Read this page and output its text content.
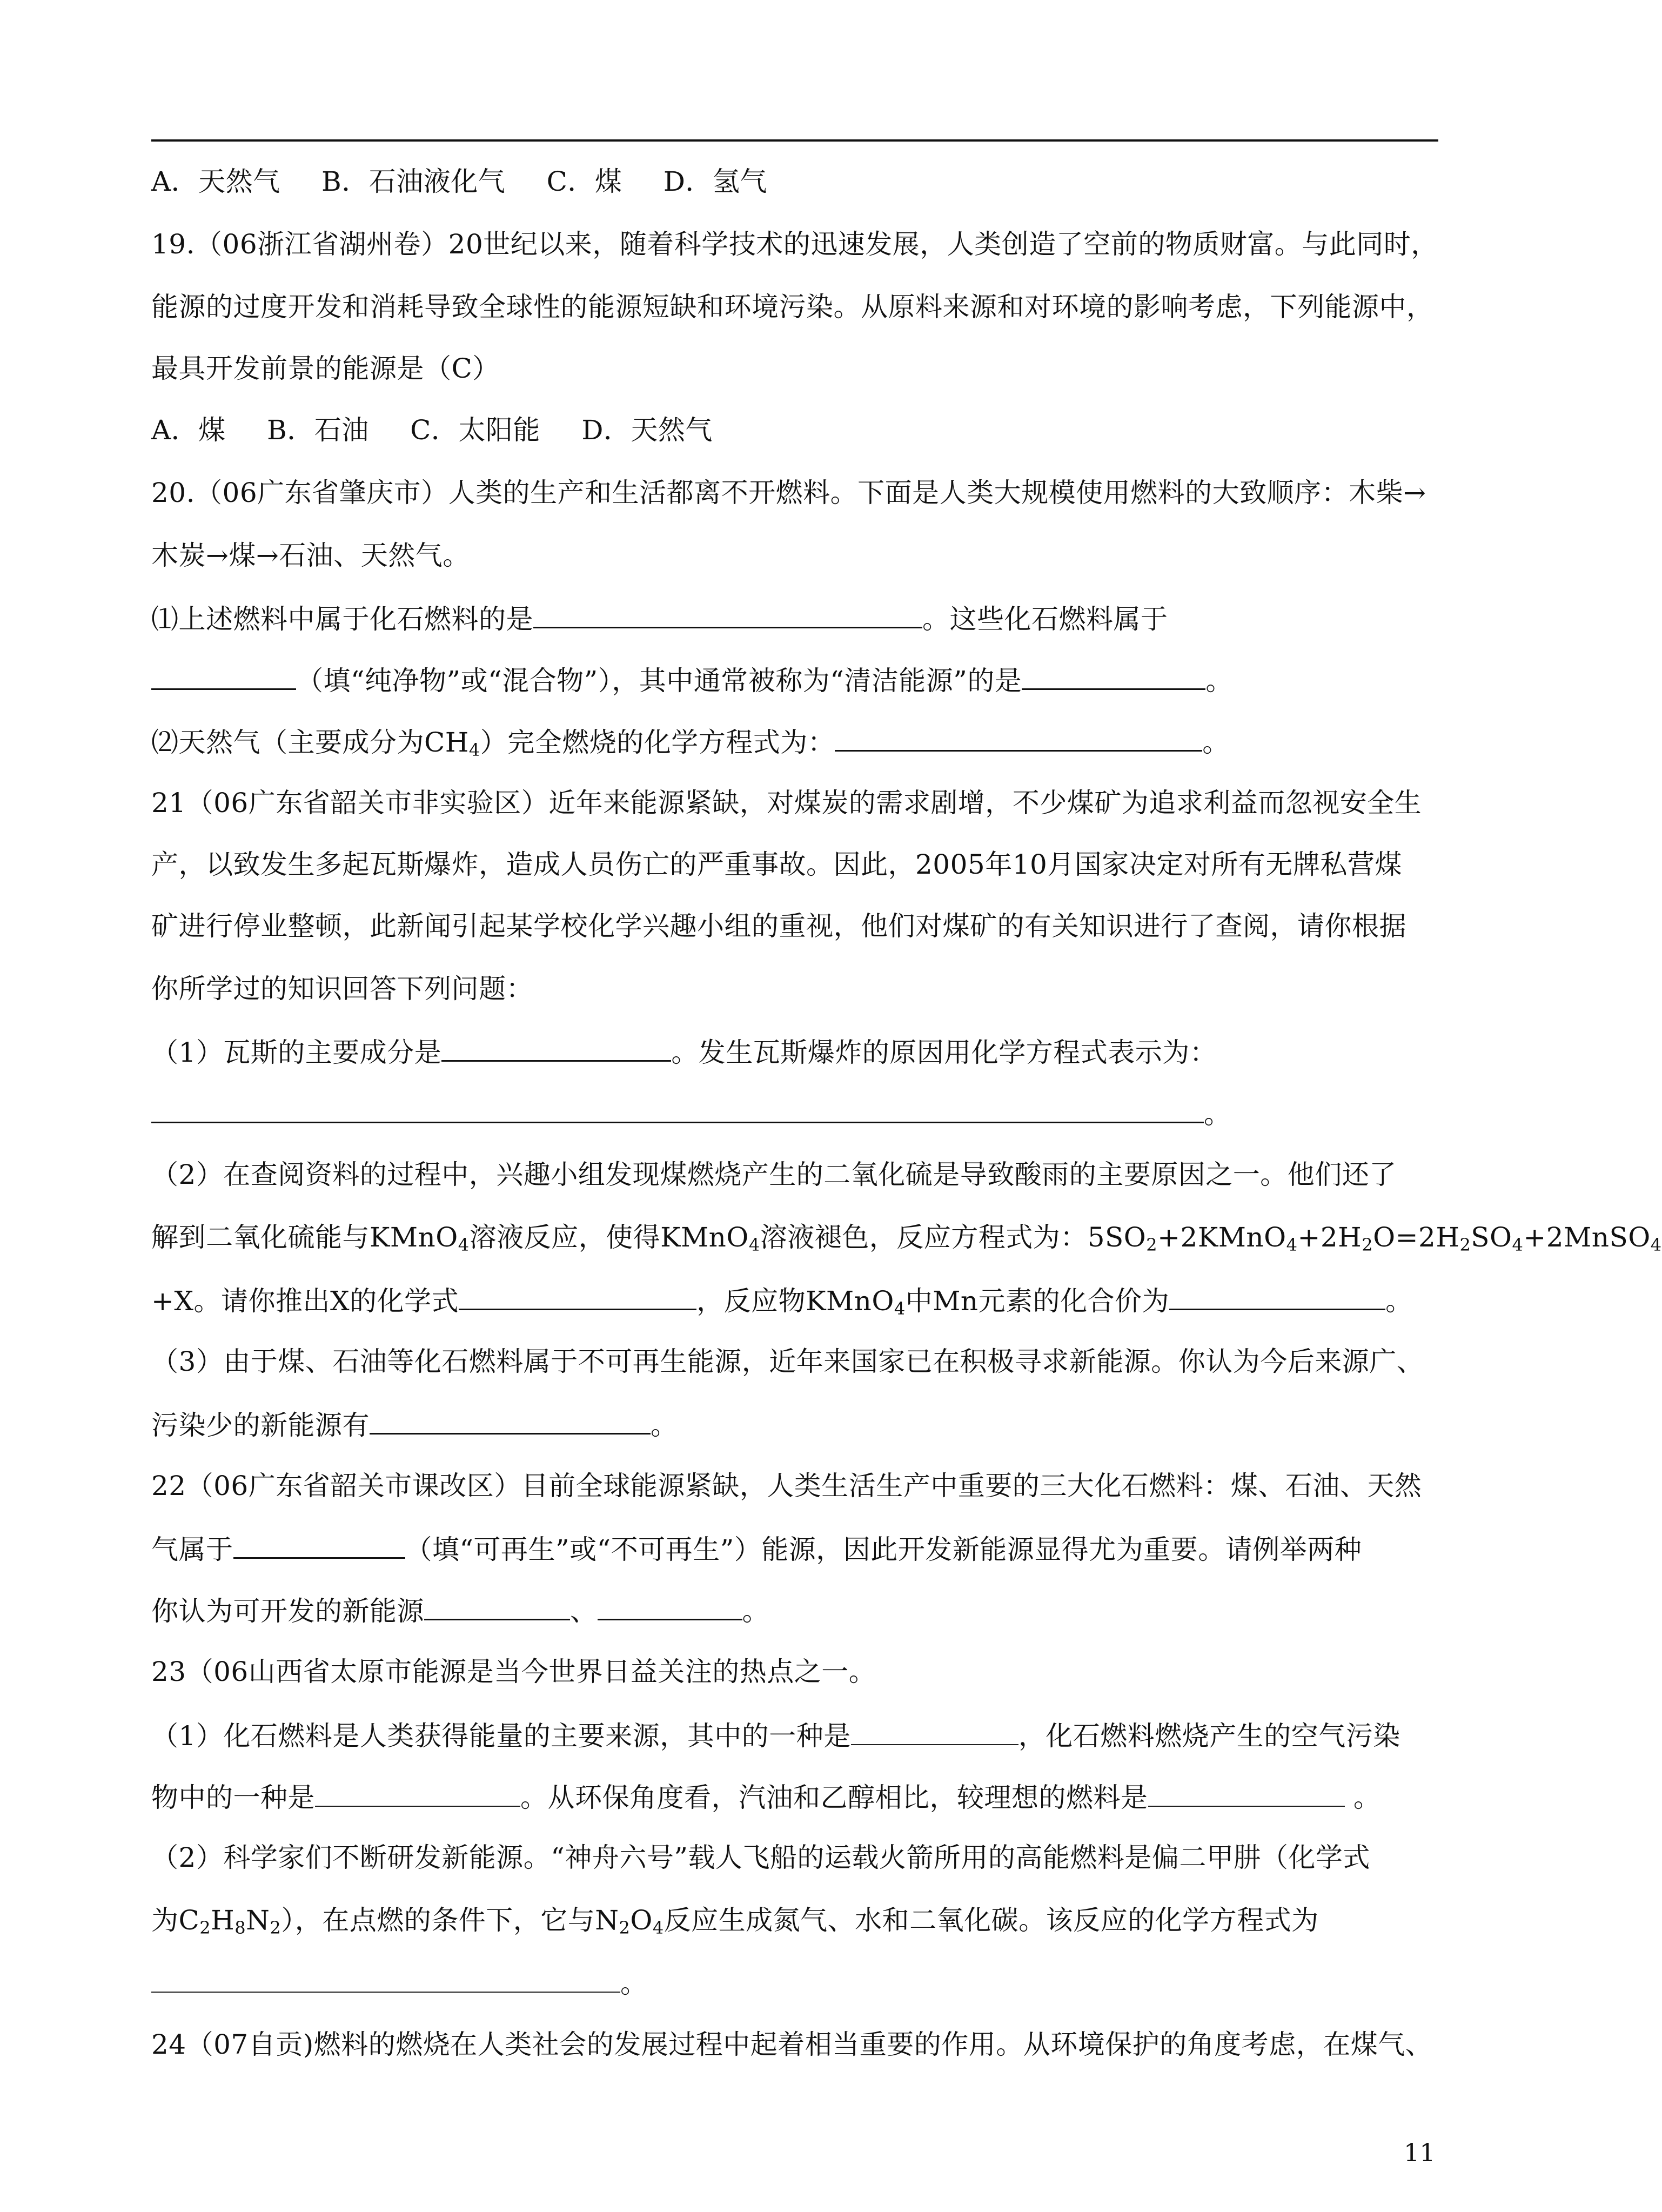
A．天然气 B．石油液化气 C．煤 D．氢气
19.（06浙江省湖州卷）20世纪以来，随着科学技术的迅速发展，人类创造了空前的物质财富。与此同时，
能源的过度开发和消耗导致全球性的能源短缺和环境污染。从原料来源和对环境的影响考虑，下列能源中，
最具开发前景的能源是（C）
A．煤 B．石油 C．太阳能 D．天然气
20.（06广东省肇庆市）人类的生产和生活都离不开燃料。下面是人类大规模使用燃料的大致顺序：木柴→
木炭→煤→石油、天然气。
⑴上述燃料中属于化石燃料的是	。这些化石燃料属于
（填“纯净物”或“混合物”），其中通常被称为“清洁能源”的是	。
⑵天然气（主要成分为$CH_4$）完全燃烧的化学方程式为：	。
21（06广东省韶关市非实验区）近年来能源紧缺，对煤炭的需求剧增，不少煤矿为追求利益而忽视安全生
产，以致发生多起瓦斯爆炸，造成人员伤亡的严重事故。因此，2005年10月国家决定对所有无牌私营煤
矿进行停业整顿，此新闻引起某学校化学兴趣小组的重视，他们对煤矿的有关知识进行了查阅，请你根据
你所学过的知识回答下列问题：
（1）瓦斯的主要成分是	。发生瓦斯爆炸的原因用化学方程式表示为：
。
（2）在查阅资料的过程中，兴趣小组发现煤燃烧产生的二氧化硫是导致酸雨的主要原因之一。他们还了
解到二氧化硫能与KMnO$_4$溶液反应，使得KMnO$_4$溶液褪色，反应方程式为：$5SO_2+2KMnO_4+2H_2O=2H_2SO_4+2MnSO_4$
+X。请你推出X的化学式	，反应物KMnO$_4$中Mn元素的化合价为	。
（3）由于煤、石油等化石燃料属于不可再生能源，近年来国家已在积极寻求新能源。你认为今后来源广、
污染少的新能源有	。
22（06广东省韶关市课改区）目前全球能源紧缺，人类生活生产中重要的三大化石燃料：煤、石油、天然
气属于	（填“可再生”或“不可再生”）能源，因此开发新能源显得尤为重要。请例举两种
你认为可开发的新能源	、	。
23（06山西省太原市能源是当今世界日益关注的热点之一。
（1）化石燃料是人类获得能量的主要来源，其中的一种是	，化石燃料燃烧产生的空气污染
物中的一种是	。从环保角度看，汽油和乙醇相比，较理想的燃料是	。
（2）科学家们不断研发新能源。“神舟六号”载人飞船的运载火箭所用的高能燃料是偏二甲肼（化学式
为$C_2H_8N_2$），在点燃的条件下，它与$N_2O_4$反应生成氮气、水和二氧化碳。该反应的化学方程式为
。
24（07自贡)燃料的燃烧在人类社会的发展过程中起着相当重要的作用。从环境保护的角度考虑，在煤气、
11
